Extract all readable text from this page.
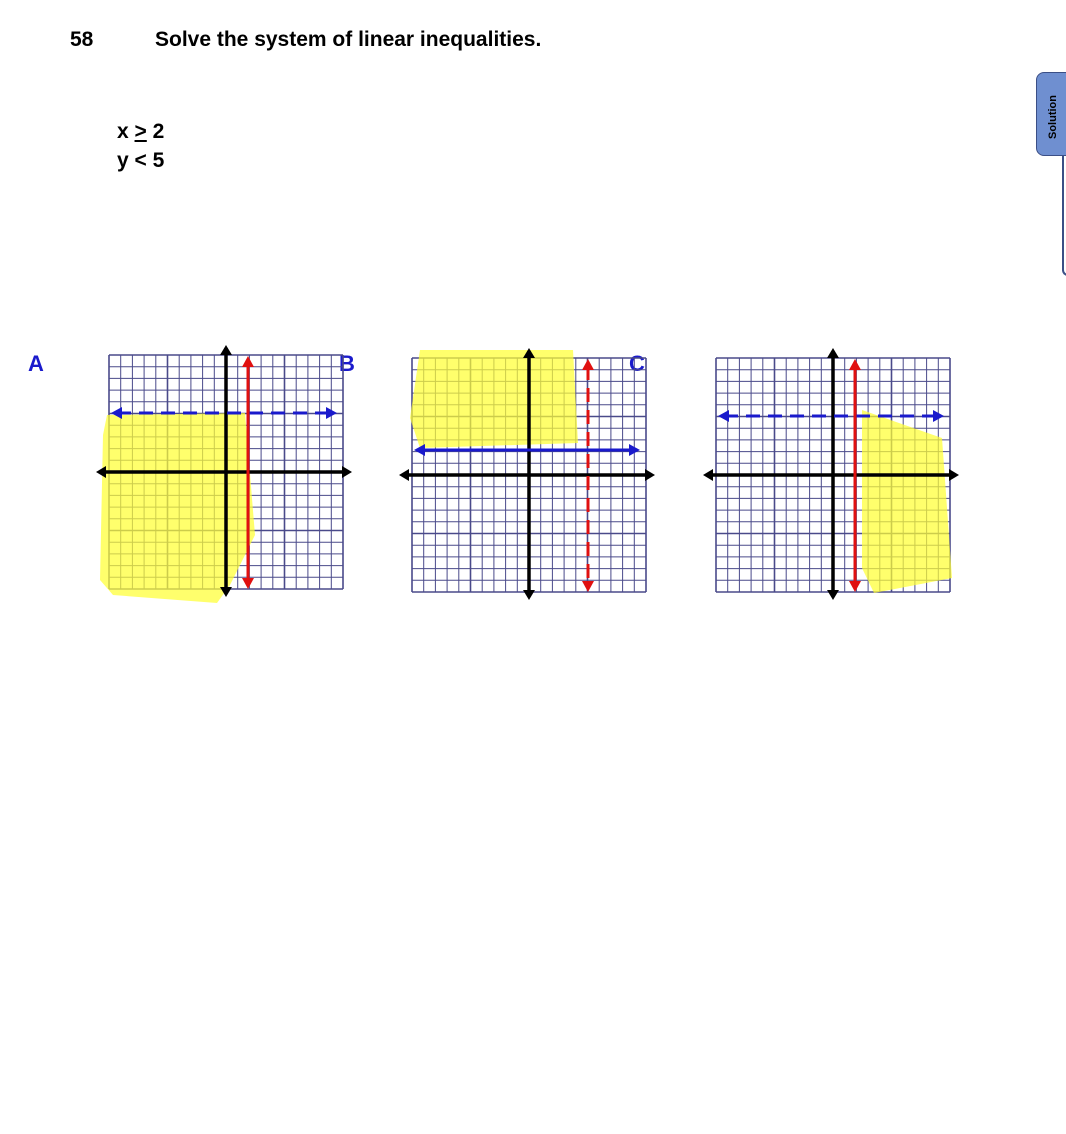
58	Solve the system of linear inequalities.
x > 2
y < 5
Solution
A	B	C
